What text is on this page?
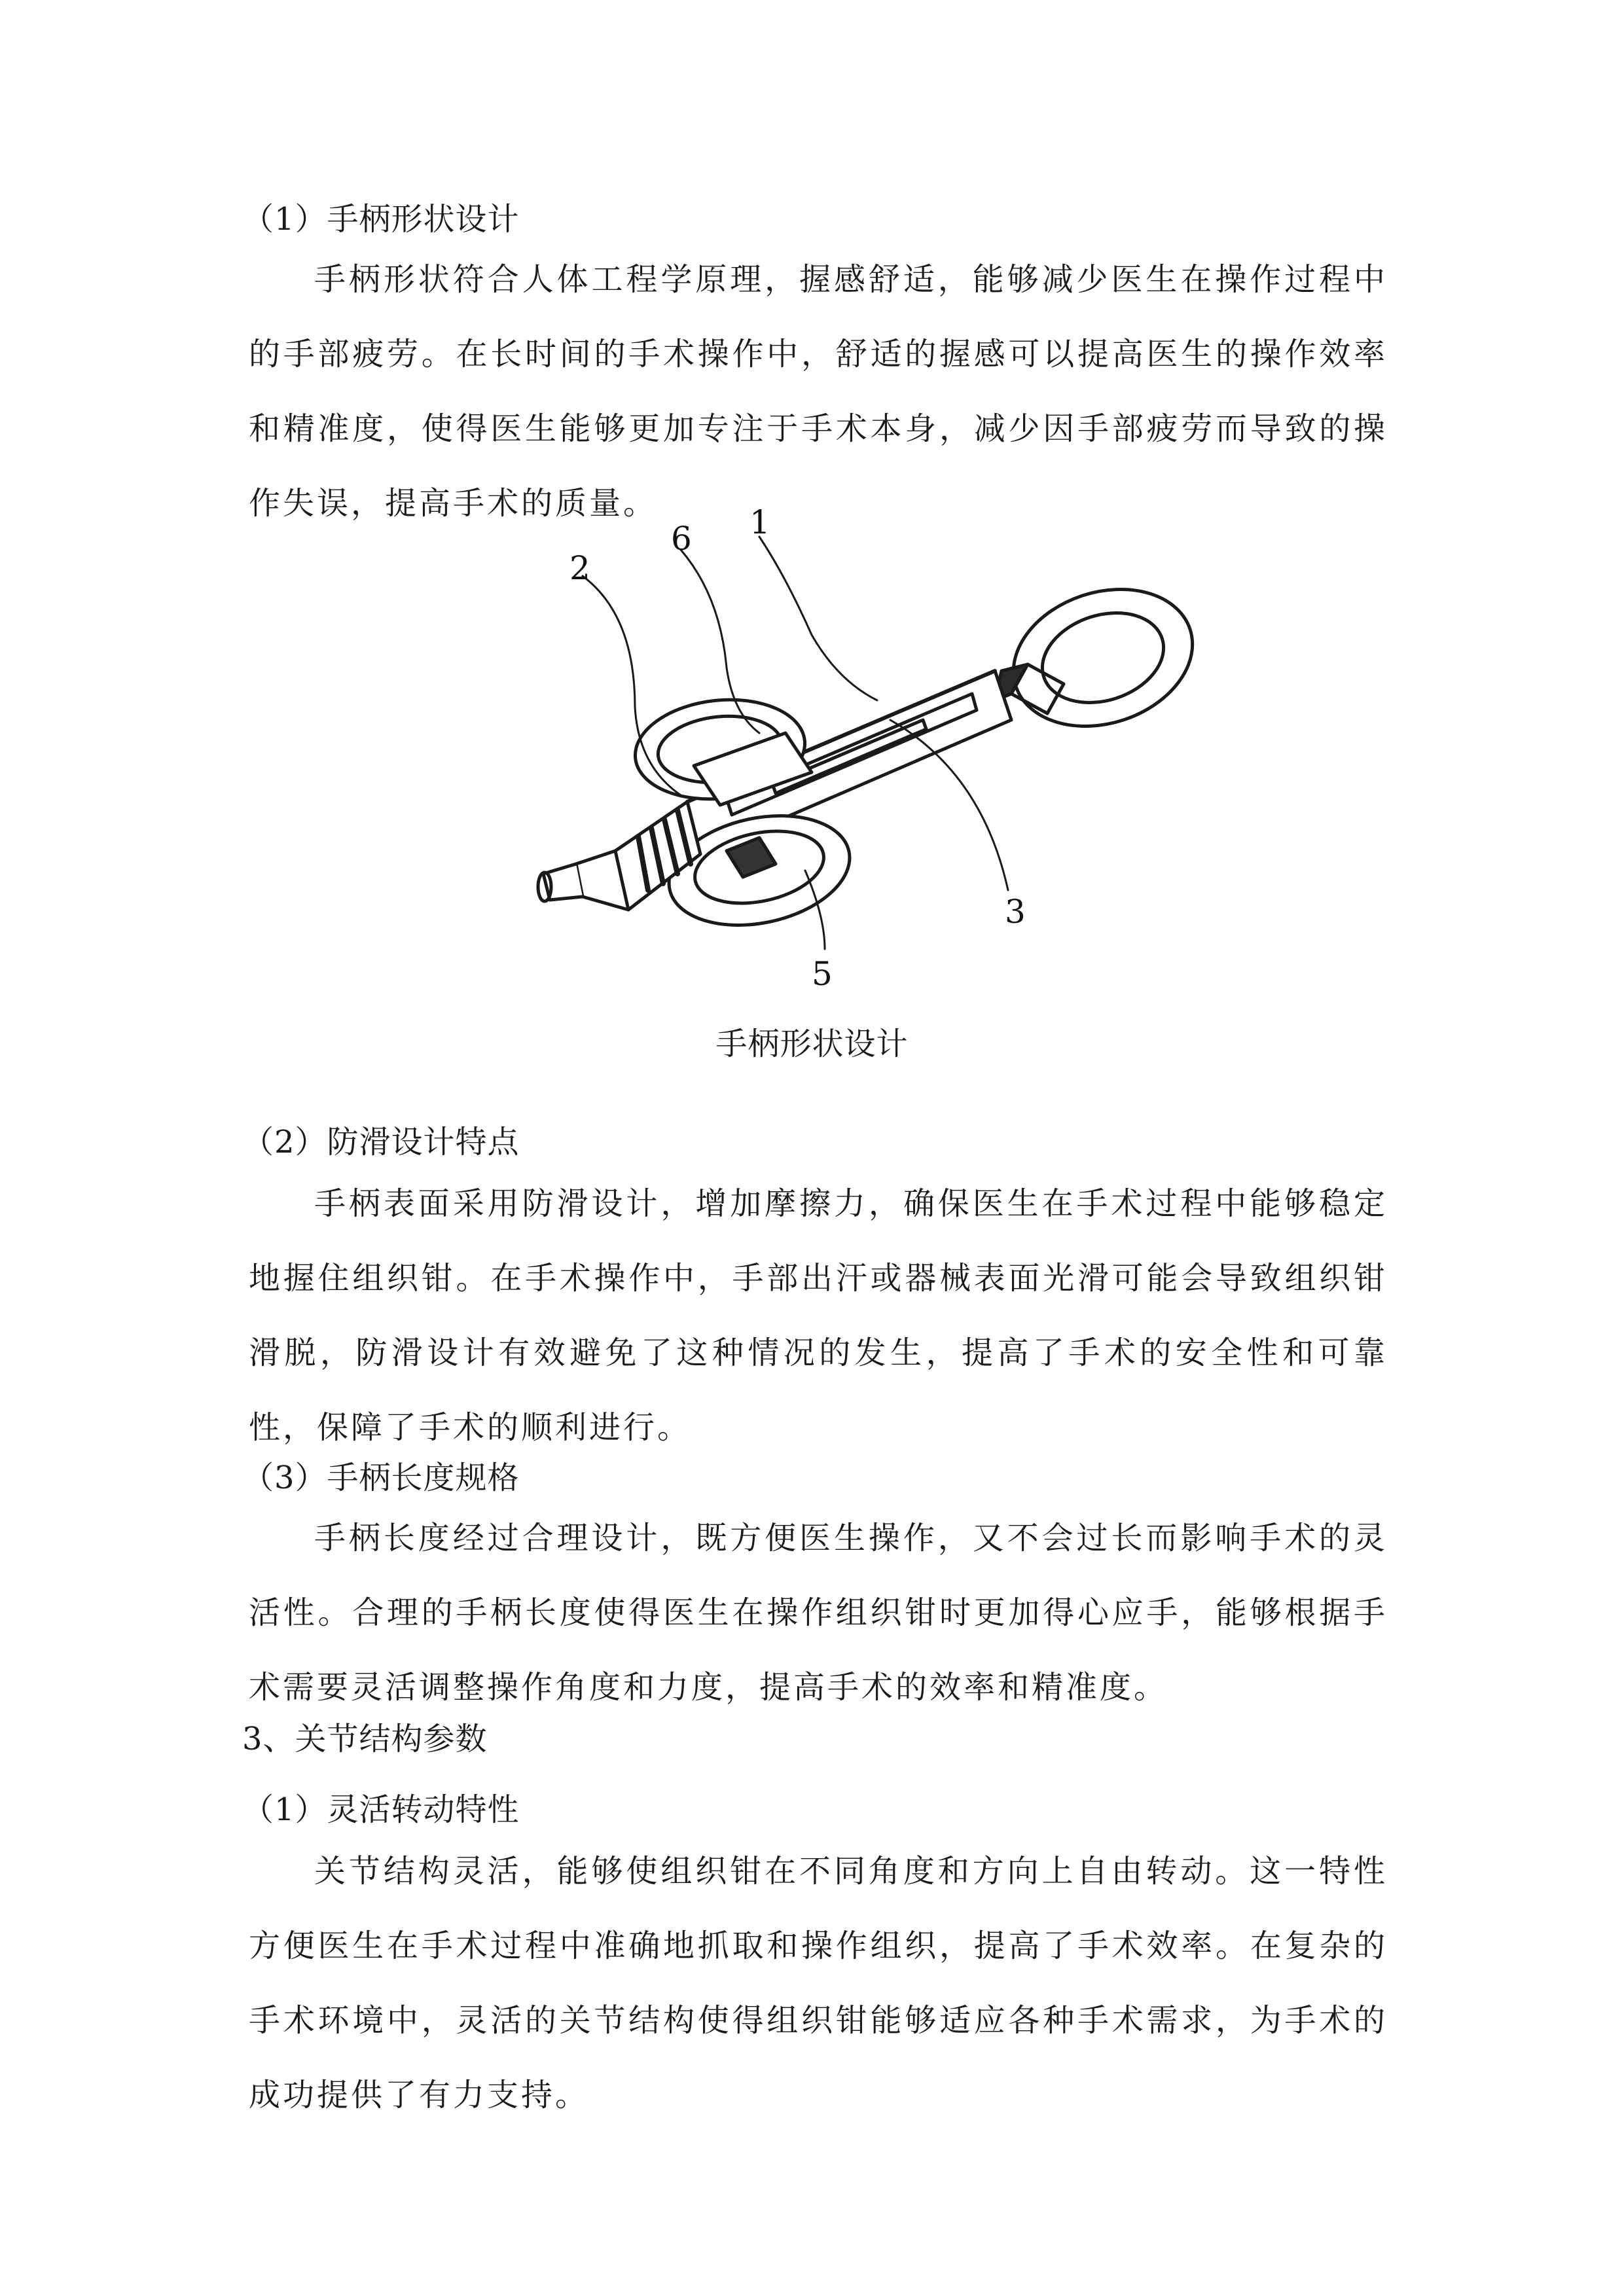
（1）手柄形状设计
手柄形状符合人体工程学原理，握感舒适，能够减少医生在操作过程中的手部疲劳。在长时间的手术操作中，舒适的握感可以提高医生的操作效率和精准度，使得医生能够更加专注于手术本身，减少因手部疲劳而导致的操作失误，提高手术的质量。	1
2
3
5
6
手柄形状设计
（2）防滑设计特点
手柄表面采用防滑设计，增加摩擦力，确保医生在手术过程中能够稳定地握住组织钳。在手术操作中，手部出汗或器械表面光滑可能会导致组织钳滑脱，防滑设计有效避免了这种情况的发生，提高了手术的安全性和可靠性，保障了手术的顺利进行。
（3）手柄长度规格
手柄长度经过合理设计，既方便医生操作，又不会过长而影响手术的灵活性。合理的手柄长度使得医生在操作组织钳时更加得心应手，能够根据手术需要灵活调整操作角度和力度，提高手术的效率和精准度。
3、关节结构参数
（1）灵活转动特性
关节结构灵活，能够使组织钳在不同角度和方向上自由转动。这一特性方便医生在手术过程中准确地抓取和操作组织，提高了手术效率。在复杂的手术环境中，灵活的关节结构使得组织钳能够适应各种手术需求，为手术的成功提供了有力支持。
